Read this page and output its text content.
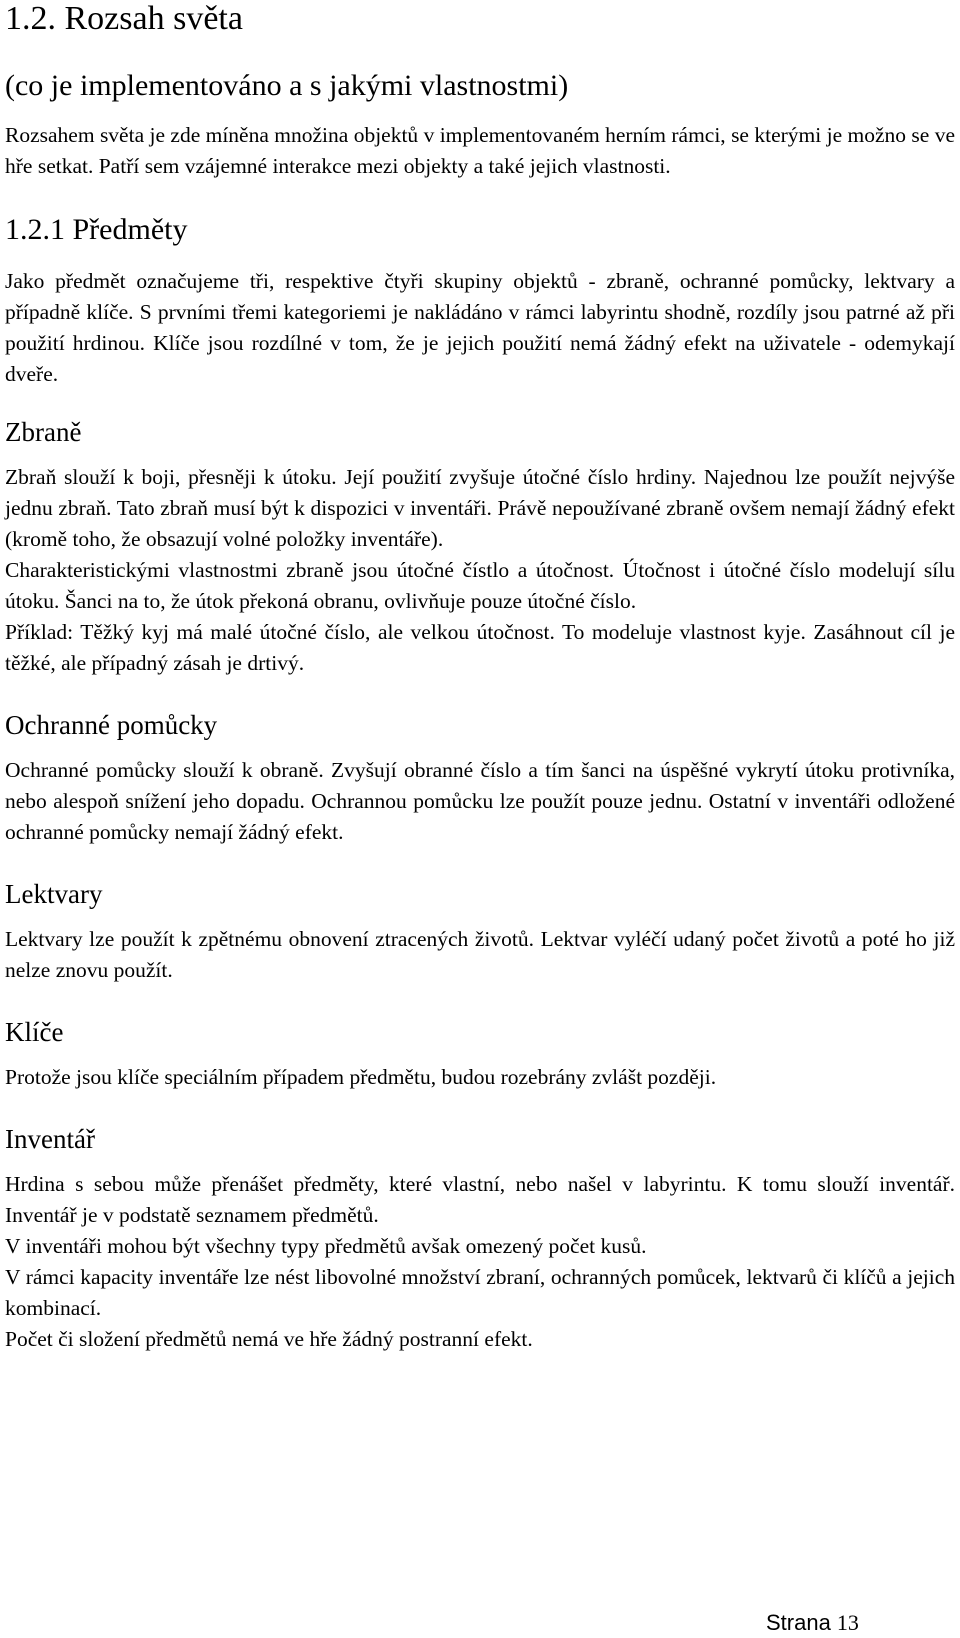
1.2. Rozsah světa
(co je implementováno a s jakými vlastnostmi)

Rozsahem světa je zde míněna množina objektů v implementovaném herním rámci, se kterými je možno se ve hře setkat. Patří sem vzájemné interakce mezi objekty a také jejich vlastnosti.

1.2.1 Předměty

Jako předmět označujeme tři, respektive čtyři skupiny objektů - zbraně, ochranné pomůcky, lektvary a případně klíče. S prvními třemi kategoriemi je nakládáno v rámci labyrintu shodně, rozdíly jsou patrné až při použití hrdinou. Klíče jsou rozdílné v tom, že je jejich použití nemá žádný efekt na uživatele - odemykají dveře.

Zbraně

Zbraň slouží k boji, přesněji k útoku. Její použití zvyšuje útočné číslo hrdiny. Najednou lze použít nejvýše jednu zbraň. Tato zbraň musí být k dispozici v inventáři. Právě nepoužívané zbraně ovšem nemají žádný efekt (kromě toho, že obsazují volné položky inventáře).

Charakteristickými vlastnostmi zbraně jsou útočné čístlo a útočnost. Útočnost i útočné číslo modelují sílu útoku. Šanci na to, že útok překoná obranu, ovlivňuje pouze útočné číslo.

Příklad: Těžký kyj má malé útočné číslo, ale velkou útočnost. To modeluje vlastnost kyje. Zasáhnout cíl je těžké, ale případný zásah je drtivý.

Ochranné pomůcky

Ochranné pomůcky slouží k obraně. Zvyšují obranné číslo a tím šanci na úspěšné vykrytí útoku protivníka, nebo alespoň snížení jeho dopadu. Ochrannou pomůcku lze použít pouze jednu. Ostatní v inventáři odložené ochranné pomůcky nemají žádný efekt.

Lektvary

Lektvary lze použít k zpětnému obnovení ztracených životů. Lektvar vyléčí udaný počet životů a poté ho již nelze znovu použít.

Klíče

Protože jsou klíče speciálním případem předmětu, budou rozebrány zvlášt později.

Inventář

Hrdina s sebou může přenášet předměty, které vlastní, nebo našel v labyrintu. K tomu slouží inventář. Inventář je v podstatě seznamem předmětů.

V inventáři mohou být všechny typy předmětů avšak omezený počet kusů.

V rámci kapacity inventáře lze nést libovolné množství zbraní, ochranných pomůcek, lektvarů či klíčů a jejich kombinací.

Počet či složení předmětů nemá ve hře žádný postranní efekt.

Strana 13
